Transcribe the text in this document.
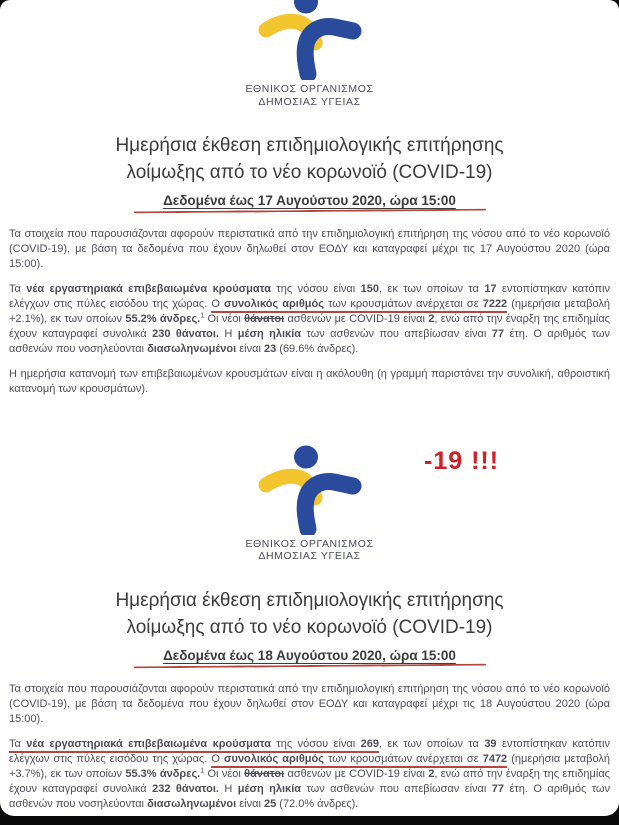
ΕΘΝΙΚΟΣ ΟΡΓΑΝΙΣΜΟΣ
ΔΗΜΟΣΙΑΣ ΥΓΕΙΑΣ
Ημερήσια έκθεση επιδημιολογικής επιτήρησης
λοίμωξης από το νέο κορωνοϊό (COVID-19)
Δεδομένα έως 17 Αυγούστου 2020, ώρα 15:00

Τα στοιχεία που παρουσιάζονται αφορούν περιστατικά από την επιδημιολογική επιτήρηση της νόσου από το νέο κορωνοϊό (COVID-19), με βάση τα δεδομένα που έχουν δηλωθεί στον ΕΟΔΥ και καταγραφεί μέχρι τις 17 Αυγούστου 2020 (ώρα 15:00).

Τα νέα εργαστηριακά επιβεβαιωμένα κρούσματα της νόσου είναι 150, εκ των οποίων τα 17 εντοπίστηκαν κατόπιν ελέγχων στις πύλες εισόδου της χώρας. Ο συνολικός αριθμός των κρουσμάτων ανέρχεται σε 7222 (ημερήσια μεταβολή +2.1%), εκ των οποίων 55.2% άνδρες.$^1$ Οι νέοι θάνατοι ασθενών με COVID-19 είναι 2, ενώ από την έναρξη της επιδημίας έχουν καταγραφεί συνολικά 230 θάνατοι. Η μέση ηλικία των ασθενών που απεβίωσαν είναι 77 έτη. Ο αριθμός των ασθενών που νοσηλεύονται διασωληνωμένοι είναι 23 (69.6% άνδρες).

Η ημερήσια κατανομή των επιβεβαιωμένων κρουσμάτων είναι η ακόλουθη (η γραμμή παριστάνει την συνολική, αθροιστική κατανομή των κρουσμάτων).

-19 !!!
ΕΘΝΙΚΟΣ ΟΡΓΑΝΙΣΜΟΣ
ΔΗΜΟΣΙΑΣ ΥΓΕΙΑΣ
Ημερήσια έκθεση επιδημιολογικής επιτήρησης
λοίμωξης από το νέο κορωνοϊό (COVID-19)
Δεδομένα έως 18 Αυγούστου 2020, ώρα 15:00

Τα στοιχεία που παρουσιάζονται αφορούν περιστατικά από την επιδημιολογική επιτήρηση της νόσου από το νέο κορωνοϊό (COVID-19), με βάση τα δεδομένα που έχουν δηλωθεί στον ΕΟΔΥ και καταγραφεί μέχρι τις 18 Αυγούστου 2020 (ώρα 15:00).

Τα νέα εργαστηριακά επιβεβαιωμένα κρούσματα της νόσου είναι 269, εκ των οποίων τα 39 εντοπίστηκαν κατόπιν ελέγχων στις πύλες εισόδου της χώρας. Ο συνολικός αριθμός των κρουσμάτων ανέρχεται σε 7472 (ημερήσια μεταβολή +3.7%), εκ των οποίων 55.3% άνδρες.$^1$ Οι νέοι θάνατοι ασθενών με COVID-19 είναι 2, ενώ από την έναρξη της επιδημίας έχουν καταγραφεί συνολικά 232 θάνατοι. Η μέση ηλικία των ασθενών που απεβίωσαν είναι 77 έτη. Ο αριθμός των ασθενών που νοσηλεύονται διασωληνωμένοι είναι 25 (72.0% άνδρες).
